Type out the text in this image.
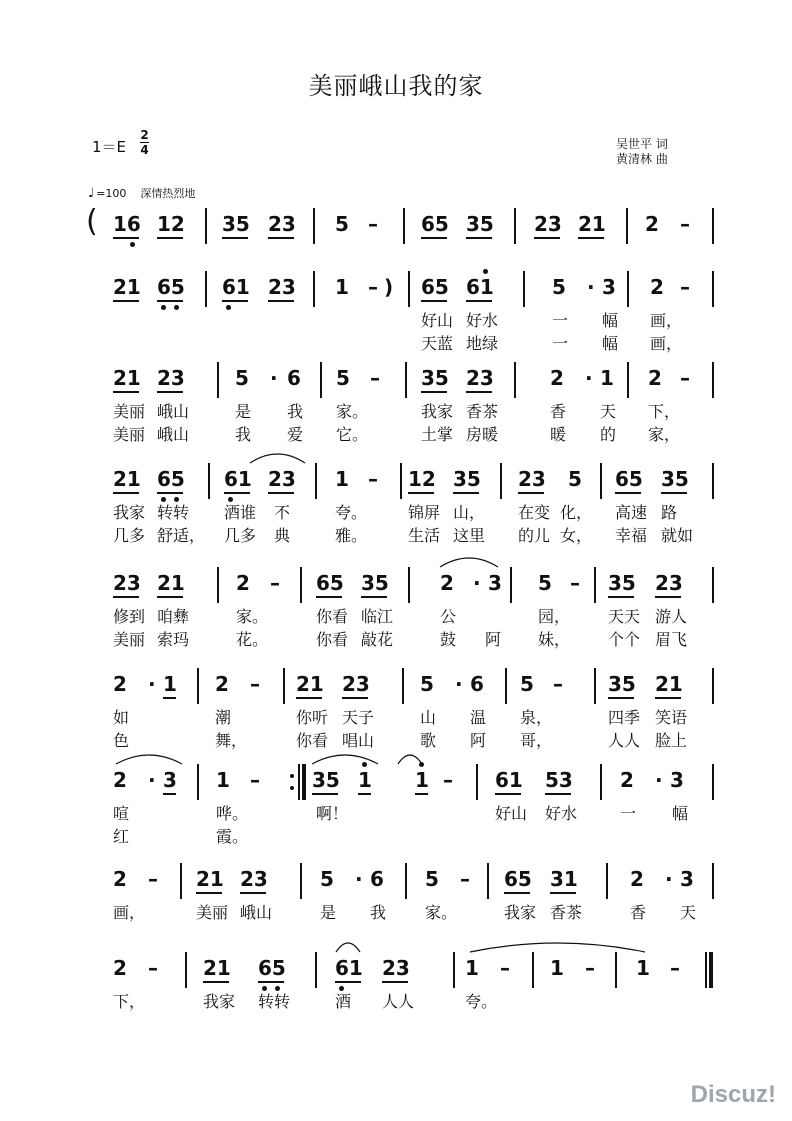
美丽峨山我的家
1＝E
2
4	吴世平 词
黄清林 曲
♩ =100 深情热烈地
( 16 12 35 23 5 – 65 35 23 21 2 –
21 65 61 23 1 – ) 65 61	5 · 3 2 –
好山 好水	一 幅 画，
天蓝 地绿	一 幅 画，
21 23	5 · 6 5 – 35 23	2 · 1 2 –
美丽 峨山	是 我 家。	我家 香茶	香 天 下，
美丽 峨山	我 爱 它。	土掌 房暖	暖 的 家，
21 65 61 23 1 – 12 35 23 5 65 35
我家 转转 酒谁 不	夸。	锦屏 山， 在变 化， 高速 路
几多 舒适， 几多 典	雅。	生活 这里 的儿 女， 幸福 就如
23 21	2 – 65 35	2 · 3 5 – 35 23
修到 咱彝	家。	你看 临江	公	园， 天天 游人
美丽 索玛	花。	你看 敲花	鼓 阿 妹， 个个 眉飞
2 · 1 2 – 21 23	5 · 6 5 – 35 21
如	潮	你听 天子	山 温 泉，	四季 笑语
色	舞，	你看 唱山	歌 阿 哥，	人人 脸上
2 · 3 1 –	35 1 1 – 61 53 2 · 3
喧	哗。	啊！	好山 好水	一 幅
红	霞。
2 – 21 23	5 · 6 5 – 65 31	2 · 3
画，	美丽 峨山	是 我 家。	我家 香茶	香 天
2 – 21 65 61 23	1 – 1 – 1 –
下，	我家 转转	酒 人人	夸。
Discuz!
